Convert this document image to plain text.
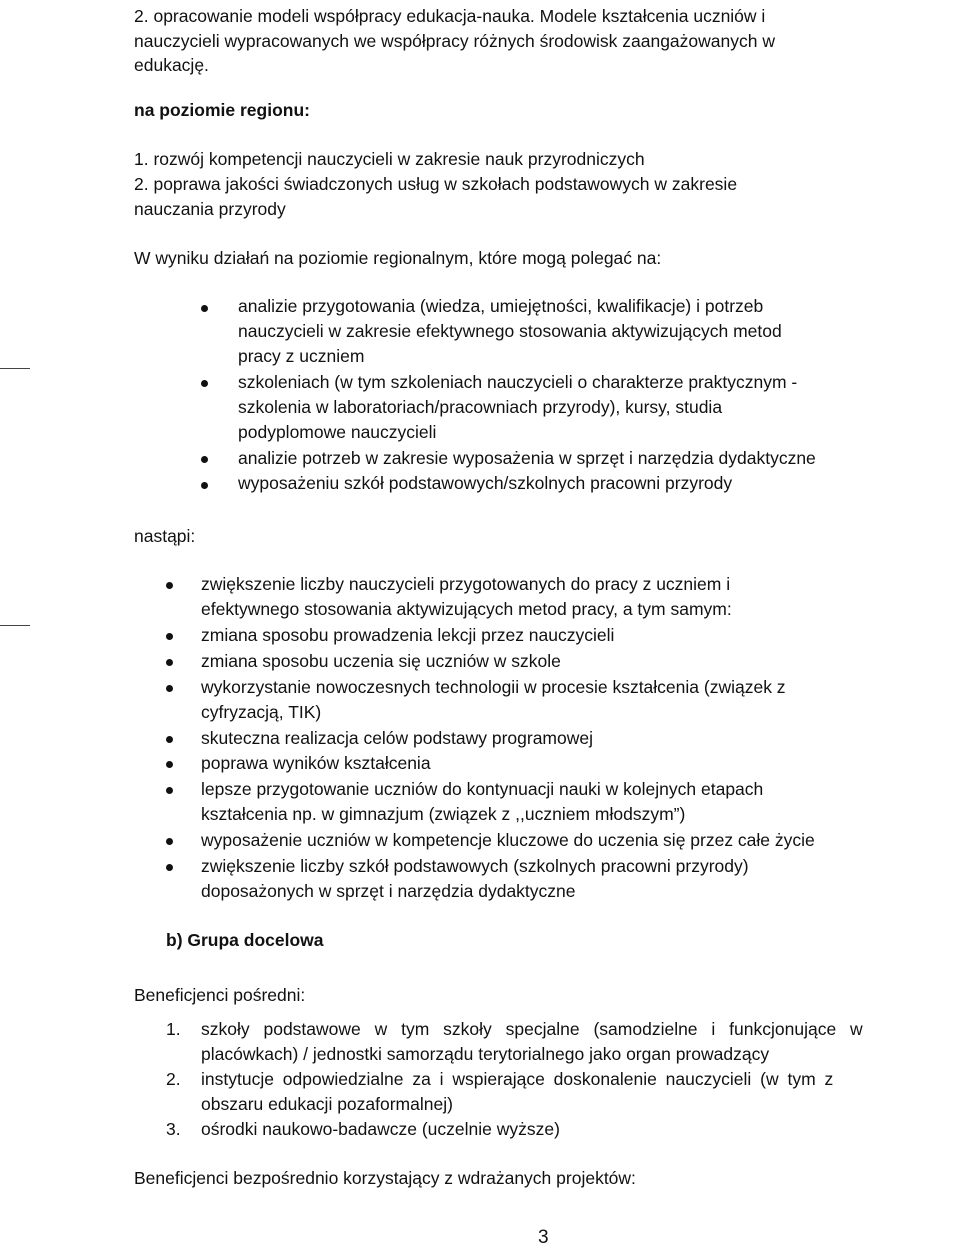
2. opracowanie modeli współpracy edukacja-nauka. Modele kształcenia uczniów i
nauczycieli wypracowanych we współpracy różnych środowisk zaangażowanych w
edukację.
na poziomie regionu:
1. rozwój kompetencji nauczycieli w zakresie nauk przyrodniczych
2. poprawa jakości świadczonych usług w szkołach podstawowych w zakresie
nauczania przyrody
W wyniku działań na poziomie regionalnym, które mogą polegać na:
analizie przygotowania (wiedza, umiejętności, kwalifikacje) i potrzeb
nauczycieli w zakresie efektywnego stosowania aktywizujących metod
pracy z uczniem
szkoleniach (w tym szkoleniach nauczycieli o charakterze praktycznym -
szkolenia w laboratoriach/pracowniach przyrody), kursy, studia
podyplomowe nauczycieli
analizie potrzeb w zakresie wyposażenia w sprzęt i narzędzia dydaktyczne
wyposażeniu szkół podstawowych/szkolnych pracowni przyrody
nastąpi:
zwiększenie liczby nauczycieli przygotowanych do pracy z uczniem i
efektywnego stosowania aktywizujących metod pracy, a tym samym:
zmiana sposobu prowadzenia lekcji przez nauczycieli
zmiana sposobu uczenia się uczniów w szkole
wykorzystanie nowoczesnych technologii w procesie kształcenia (związek z
cyfryzacją, TIK)
skuteczna realizacja celów podstawy programowej
poprawa wyników kształcenia
lepsze przygotowanie uczniów do kontynuacji nauki w kolejnych etapach
kształcenia np. w gimnazjum (związek z ,,uczniem młodszym”)
wyposażenie uczniów w kompetencje kluczowe do uczenia się przez całe życie
zwiększenie liczby szkół podstawowych (szkolnych pracowni przyrody)
doposażonych w sprzęt i narzędzia dydaktyczne
b) Grupa docelowa
Beneficjenci pośredni:
1. szkoły podstawowe w tym szkoły specjalne (samodzielne i funkcjonujące w
placówkach) / jednostki samorządu terytorialnego jako organ prowadzący
2. instytucje odpowiedzialne za i wspierające doskonalenie nauczycieli (w tym z
obszaru edukacji pozaformalnej)
3. ośrodki naukowo-badawcze (uczelnie wyższe)
Beneficjenci bezpośrednio korzystający z wdrażanych projektów:
3
